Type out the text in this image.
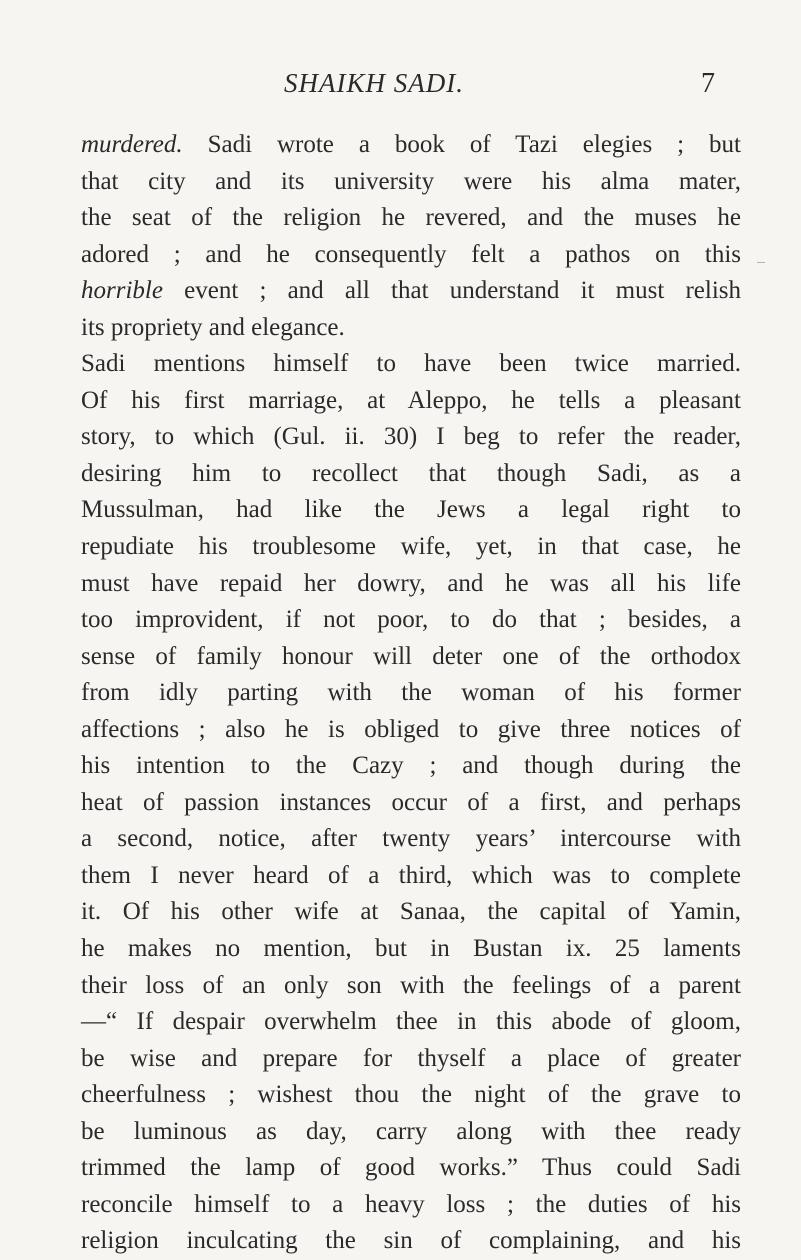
SHAIKH SADI.	7
murdered. Sadi wrote a book of Tazi elegies ; but
that city and its university were his alma mater,
the seat of the religion he revered, and the muses he
adored ; and he consequently felt a pathos on this
horrible event ; and all that understand it must relish
its propriety and elegance.
Sadi mentions himself to have been twice married.
Of his first marriage, at Aleppo, he tells a pleasant
story, to which (Gul. ii. 30) I beg to refer the reader,
desiring him to recollect that though Sadi, as a
Mussulman, had like the Jews a legal right to
repudiate his troublesome wife, yet, in that case, he
must have repaid her dowry, and he was all his life
too improvident, if not poor, to do that ; besides, a
sense of family honour will deter one of the orthodox
from idly parting with the woman of his former
affections ; also he is obliged to give three notices of
his intention to the Cazy ; and though during the
heat of passion instances occur of a first, and perhaps
a second, notice, after twenty years’ intercourse with
them I never heard of a third, which was to complete
it. Of his other wife at Sanaa, the capital of Yamin,
he makes no mention, but in Bustan ix. 25 laments
their loss of an only son with the feelings of a parent
—“ If despair overwhelm thee in this abode of gloom,
be wise and prepare for thyself a place of greater
cheerfulness ; wishest thou the night of the grave to
be luminous as day, carry along with thee ready
trimmed the lamp of good works.” Thus could Sadi
reconcile himself to a heavy loss ; the duties of his
religion inculcating the sin of complaining, and his
